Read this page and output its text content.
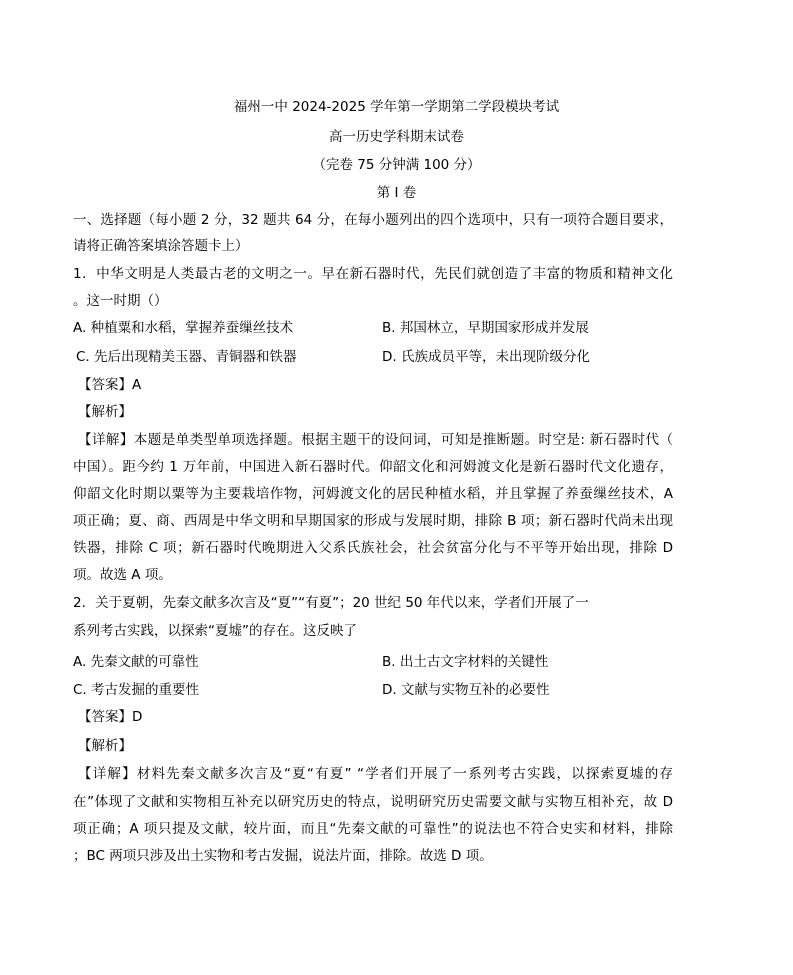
福州一中 2024-2025 学年第一学期第二学段模块考试
高一历史学科期末试卷
（完卷 75 分钟满 100 分）
第 I 卷
一、选择题（每小题 2 分，32 题共 64 分，在每小题列出的四个选项中，只有一项符合题目要求，
请将正确答案填涂答题卡上）
1．中华文明是人类最古老的文明之一。早在新石器时代，先民们就创造了丰富的物质和精神文化
。这一时期（）
A. 种植粟和水稻，掌握养蚕缫丝技术	B. 邦国林立，早期国家形成并发展
C. 先后出现精美玉器、青铜器和铁器	D. 氏族成员平等，未出现阶级分化
【答案】A
【解析】
【详解】本题是单类型单项选择题。根据主题干的设问词，可知是推断题。时空是: 新石器时代（
中国）。距今约 1 万年前，中国进入新石器时代。仰韶文化和河姆渡文化是新石器时代文化遗存，
仰韶文化时期以粟等为主要栽培作物，河姆渡文化的居民种植水稻，并且掌握了养蚕缫丝技术，A
项正确；夏、商、西周是中华文明和早期国家的形成与发展时期，排除 B 项；新石器时代尚未出现
铁器，排除 C 项；新石器时代晚期进入父系氏族社会，社会贫富分化与不平等开始出现，排除 D
项。故选 A 项。
2．关于夏朝，先秦文献多次言及“夏”“有夏”；20 世纪 50 年代以来，学者们开展了一
系列考古实践，以探索“夏墟”的存在。这反映了
A. 先秦文献的可靠性	B. 出土古文字材料的关键性
C. 考古发掘的重要性	D. 文献与实物互补的必要性
【答案】D
【解析】
【详解】材料先秦文献多次言及“夏“有夏” “学者们开展了一系列考古实践，以探索夏墟的存
在”体现了文献和实物相互补充以研究历史的特点，说明研究历史需要文献与实物互相补充，故 D
项正确；A 项只提及文献，较片面，而且“先秦文献的可靠性”的说法也不符合史实和材料，排除
；BC 两项只涉及出土实物和考古发掘，说法片面，排除。故选 D 项。
